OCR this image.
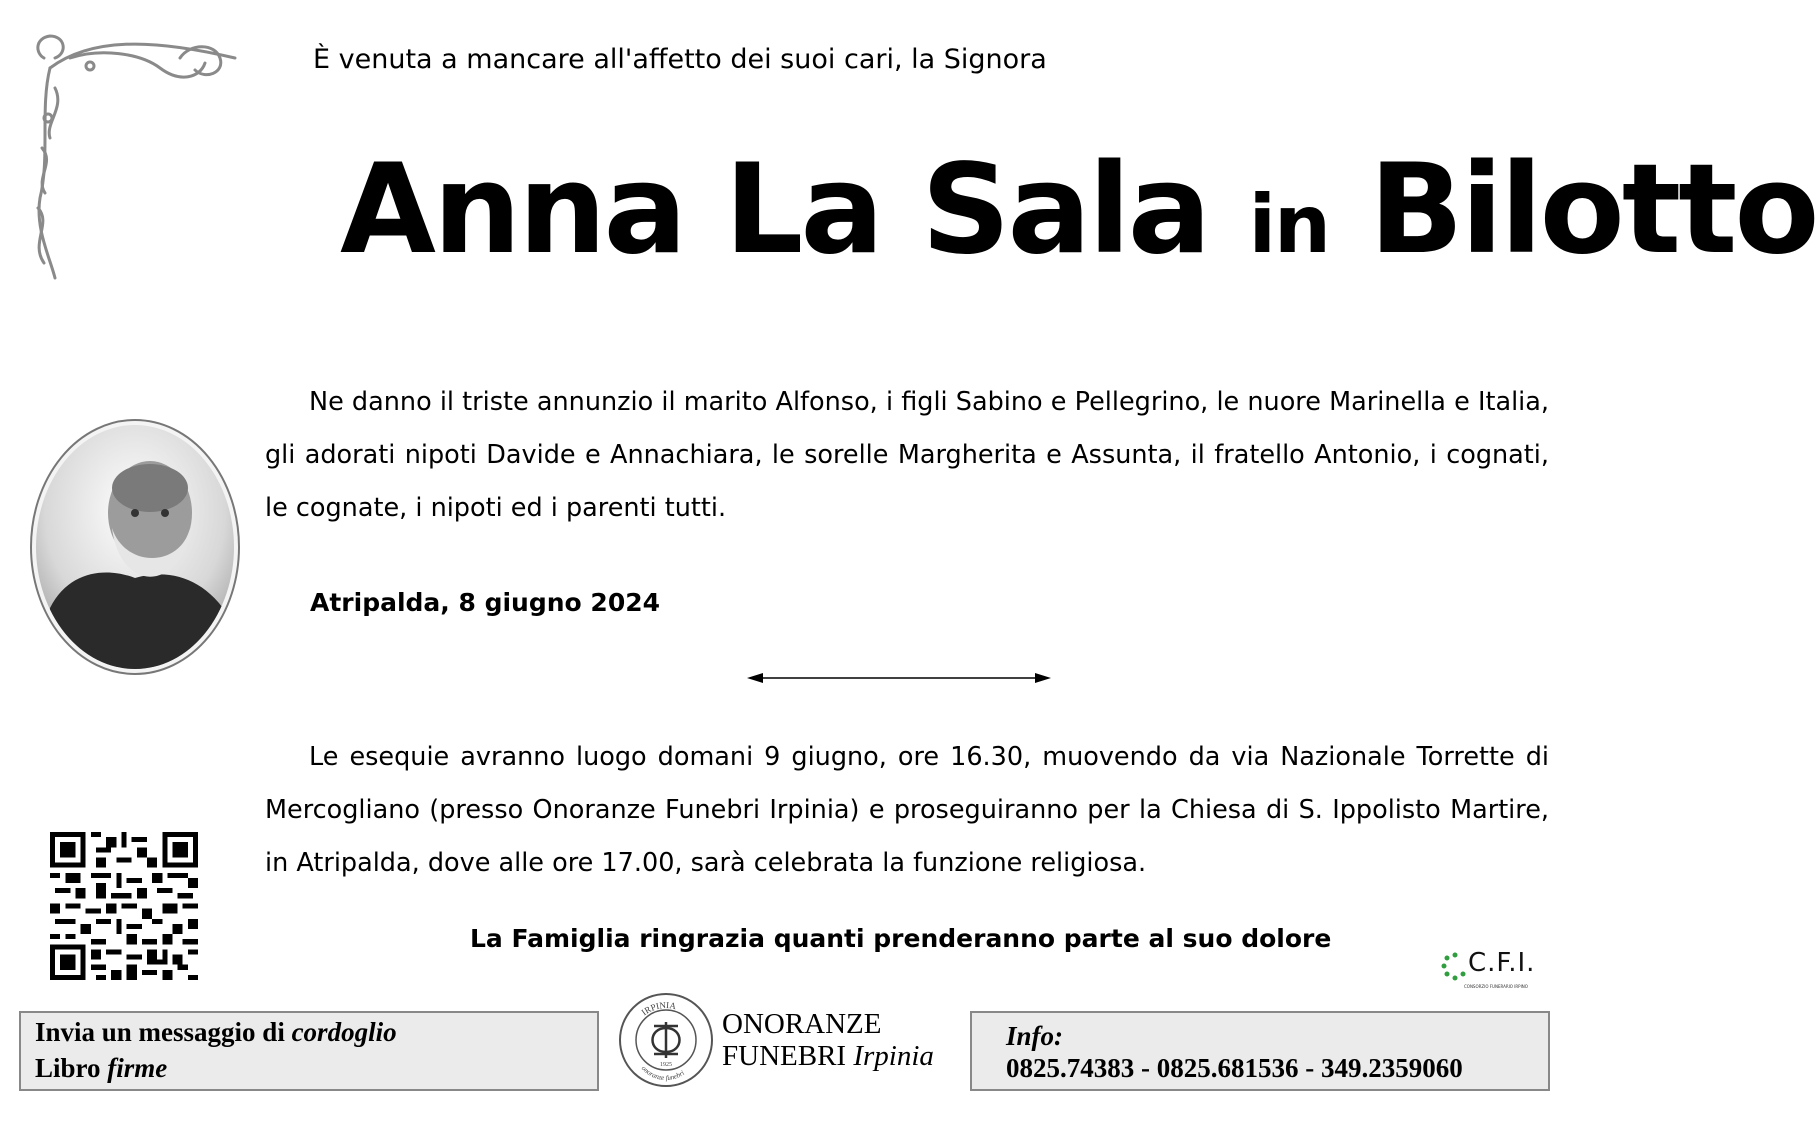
È venuta a mancare all'affetto dei suoi cari, la Signora
Anna La Sala in Bilotto
Ne danno il triste annunzio il marito Alfonso, i figli Sabino e Pellegrino, le nuore Marinella e Italia, gli adorati nipoti Davide e Annachiara, le sorelle Margherita e Assunta, il fratello Antonio, i cognati, le cognate, i nipoti ed i parenti tutti.
Atripalda, 8 giugno 2024
Le esequie avranno luogo domani 9 giugno, ore 16.30, muovendo da via Nazionale Torrette di Mercogliano (presso Onoranze Funebri Irpinia) e proseguiranno per la Chiesa di S. Ippolisto Martire, in Atripalda, dove alle ore 17.00, sarà celebrata la funzione religiosa.
La Famiglia ringrazia quanti prenderanno parte al suo dolore
C.F.I.
CONSORZIO FUNERARIO IRPINO
Invia un messaggio di cordoglio
Libro firme
IRPINIA
onoranze funebri
1925
ONORANZE
FUNEBRI Irpinia
Info:
0825.74383 - 0825.681536 - 349.2359060
